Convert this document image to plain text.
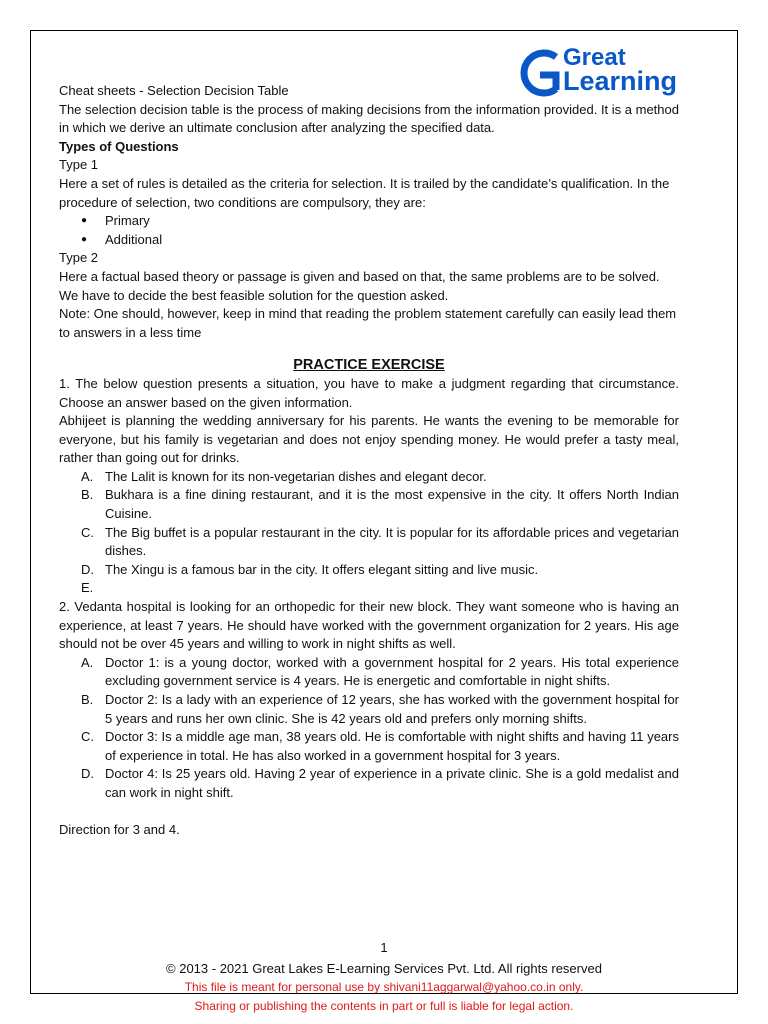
Great
Learning

Cheat sheets - Selection Decision Table

The selection decision table is the process of making decisions from the information provided. It is a method in which we derive an ultimate conclusion after analyzing the specified data.

Types of Questions

Type 1

Here a set of rules is detailed as the criteria for selection. It is trailed by the candidate’s qualification. In the procedure of selection, two conditions are compulsory, they are:

● Primary
● Additional

Type 2

Here a factual based theory or passage is given and based on that, the same problems are to be solved. We have to decide the best feasible solution for the question asked.

Note: One should, however, keep in mind that reading the problem statement carefully can easily lead them to answers in a less time

PRACTICE EXERCISE

1. The below question presents a situation, you have to make a judgment regarding that circumstance. Choose an answer based on the given information.

Abhijeet is planning the wedding anniversary for his parents. He wants the evening to be memorable for everyone, but his family is vegetarian and does not enjoy spending money. He would prefer a tasty meal, rather than going out for drinks.

A. The Lalit is known for its non-vegetarian dishes and elegant decor.
B. Bukhara is a fine dining restaurant, and it is the most expensive in the city. It offers North Indian Cuisine.
C. The Big buffet is a popular restaurant in the city. It is popular for its affordable prices and vegetarian dishes.
D. The Xingu is a famous bar in the city. It offers elegant sitting and live music.
E.

2. Vedanta hospital is looking for an orthopedic for their new block. They want someone who is having an experience, at least 7 years. He should have worked with the government organization for 2 years. His age should not be over 45 years and willing to work in night shifts as well.

A. Doctor 1: is a young doctor, worked with a government hospital for 2 years. His total experience excluding government service is 4 years. He is energetic and comfortable in night shifts.
B. Doctor 2: Is a lady with an experience of 12 years, she has worked with the government hospital for 5 years and runs her own clinic. She is 42 years old and prefers only morning shifts.
C. Doctor 3: Is a middle age man, 38 years old. He is comfortable with night shifts and having 11 years of experience in total. He has also worked in a government hospital for 3 years.
D. Doctor 4: Is 25 years old. Having 2 year of experience in a private clinic. She is a gold medalist and can work in night shift.

Direction for 3 and 4.

1
© 2013 - 2021 Great Lakes E-Learning Services Pvt. Ltd. All rights reserved
This file is meant for personal use by shivani11aggarwal@yahoo.co.in only.
Sharing or publishing the contents in part or full is liable for legal action.
